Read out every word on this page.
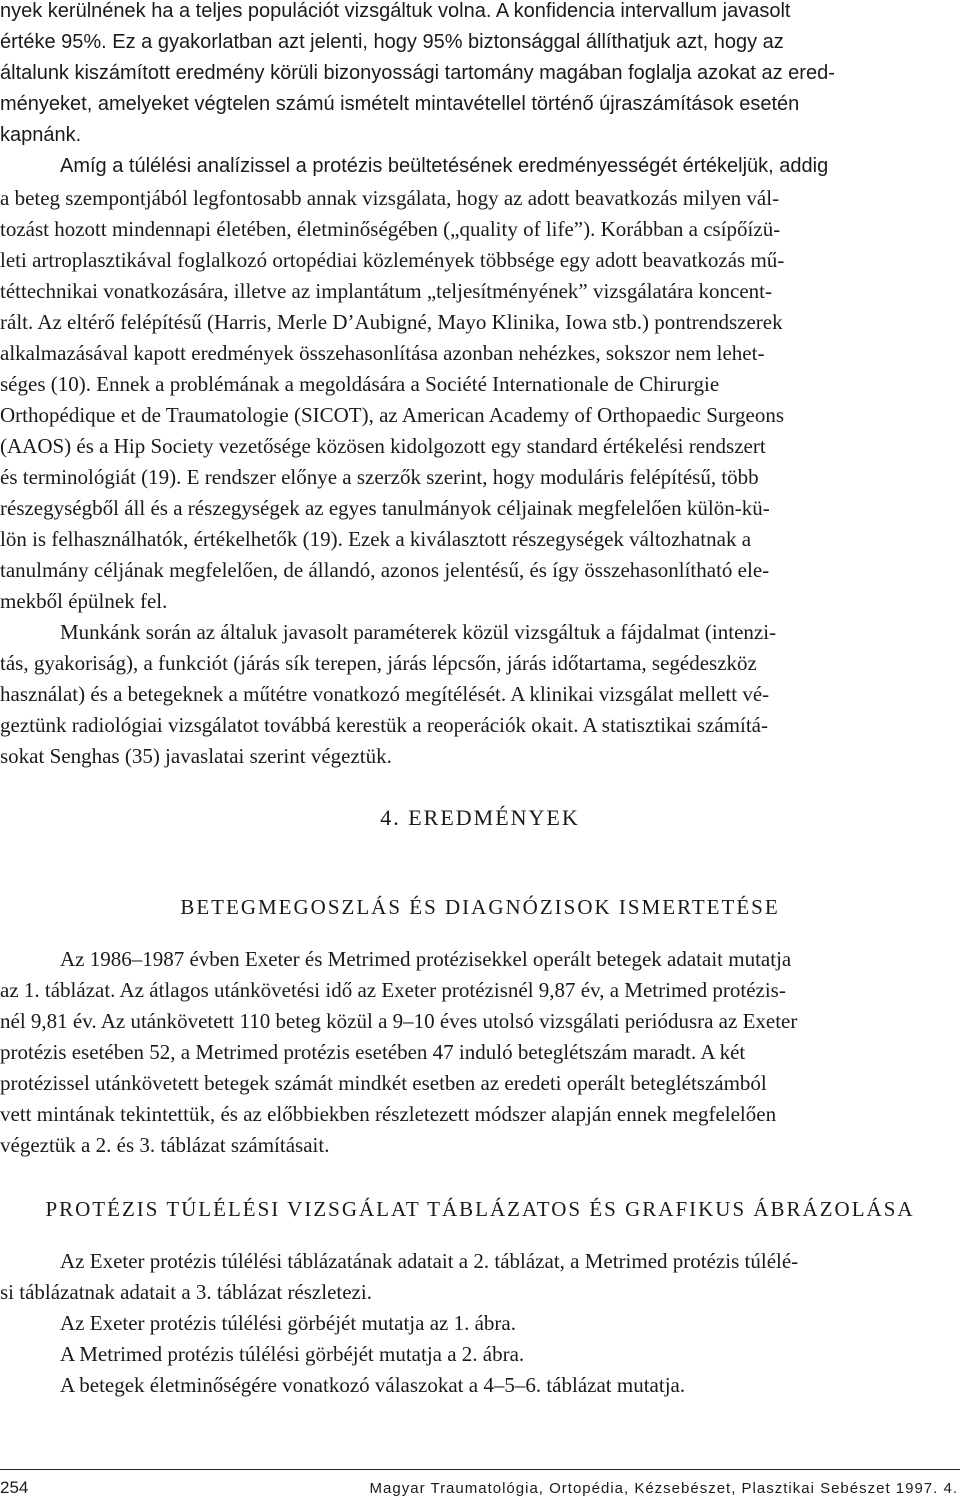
nyek kerülnének ha a teljes populációt vizsgáltuk volna. A konfidencia intervallum javasolt
értéke 95%. Ez a gyakorlatban azt jelenti, hogy 95% biztonsággal állíthatjuk azt, hogy az
általunk kiszámított eredmény körüli bizonyossági tartomány magában foglalja azokat az ered-
ményeket, amelyeket végtelen számú ismételt mintavétellel történő újraszámítások esetén
kapnánk.
Amíg a túlélési analízissel a protézis beültetésének eredményességét értékeljük, addig
a beteg szempontjából legfontosabb annak vizsgálata, hogy az adott beavatkozás milyen vál-
tozást hozott mindennapi életében, életminőségében („quality of life”). Korábban a csípőízü-
leti artroplasztikával foglalkozó ortopédiai közlemények többsége egy adott beavatkozás mű-
téttechnikai vonatkozására, illetve az implantátum „teljesítményének” vizsgálatára koncent-
rált. Az eltérő felépítésű (Harris, Merle D’Aubigné, Mayo Klinika, Iowa stb.) pontrendszerek
alkalmazásával kapott eredmények összehasonlítása azonban nehézkes, sokszor nem lehet-
séges (10). Ennek a problémának a megoldására a Société Internationale de Chirurgie
Orthopédique et de Traumatologie (SICOT), az American Academy of Orthopaedic Surgeons
(AAOS) és a Hip Society vezetősége közösen kidolgozott egy standard értékelési rendszert
és terminológiát (19). E rendszer előnye a szerzők szerint, hogy moduláris felépítésű, több
részegységből áll és a részegységek az egyes tanulmányok céljainak megfelelően külön-kü-
lön is felhasználhatók, értékelhetők (19). Ezek a kiválasztott részegységek változhatnak a
tanulmány céljának megfelelően, de állandó, azonos jelentésű, és így összehasonlítható ele-
mekből épülnek fel.
Munkánk során az általuk javasolt paraméterek közül vizsgáltuk a fájdalmat (intenzi-
tás, gyakoriság), a funkciót (járás sík terepen, járás lépcsőn, járás időtartama, segédeszköz
használat) és a betegeknek a műtétre vonatkozó megítélését. A klinikai vizsgálat mellett vé-
geztünk radiológiai vizsgálatot továbbá kerestük a reoperációk okait. A statisztikai számítá-
sokat Senghas (35) javaslatai szerint végeztük.
4. EREDMÉNYEK
BETEGMEGOSZLÁS ÉS DIAGNÓZISOK ISMERTETÉSE
Az 1986–1987 évben Exeter és Metrimed protézisekkel operált betegek adatait mutatja
az 1. táblázat. Az átlagos utánkövetési idő az Exeter protézisnél 9,87 év, a Metrimed protézis-
nél 9,81 év. Az utánkövetett 110 beteg közül a 9–10 éves utolsó vizsgálati periódusra az Exeter
protézis esetében 52, a Metrimed protézis esetében 47 induló beteglétszám maradt. A két
protézissel utánkövetett betegek számát mindkét esetben az eredeti operált beteglétszámból
vett mintának tekintettük, és az előbbiekben részletezett módszer alapján ennek megfelelően
végeztük a 2. és 3. táblázat számításait.
PROTÉZIS TÚLÉLÉSI VIZSGÁLAT TÁBLÁZATOS ÉS GRAFIKUS ÁBRÁZOLÁSA
Az Exeter protézis túlélési táblázatának adatait a 2. táblázat, a Metrimed protézis túlélé-
si táblázatnak adatait a 3. táblázat részletezi.
Az Exeter protézis túlélési görbéjét mutatja az 1. ábra.
A Metrimed protézis túlélési görbéjét mutatja a 2. ábra.
A betegek életminőségére vonatkozó válaszokat a 4–5–6. táblázat mutatja.
254	Magyar Traumatológia, Ortopédia, Kézsebészet, Plasztikai Sebészet 1997. 4.
